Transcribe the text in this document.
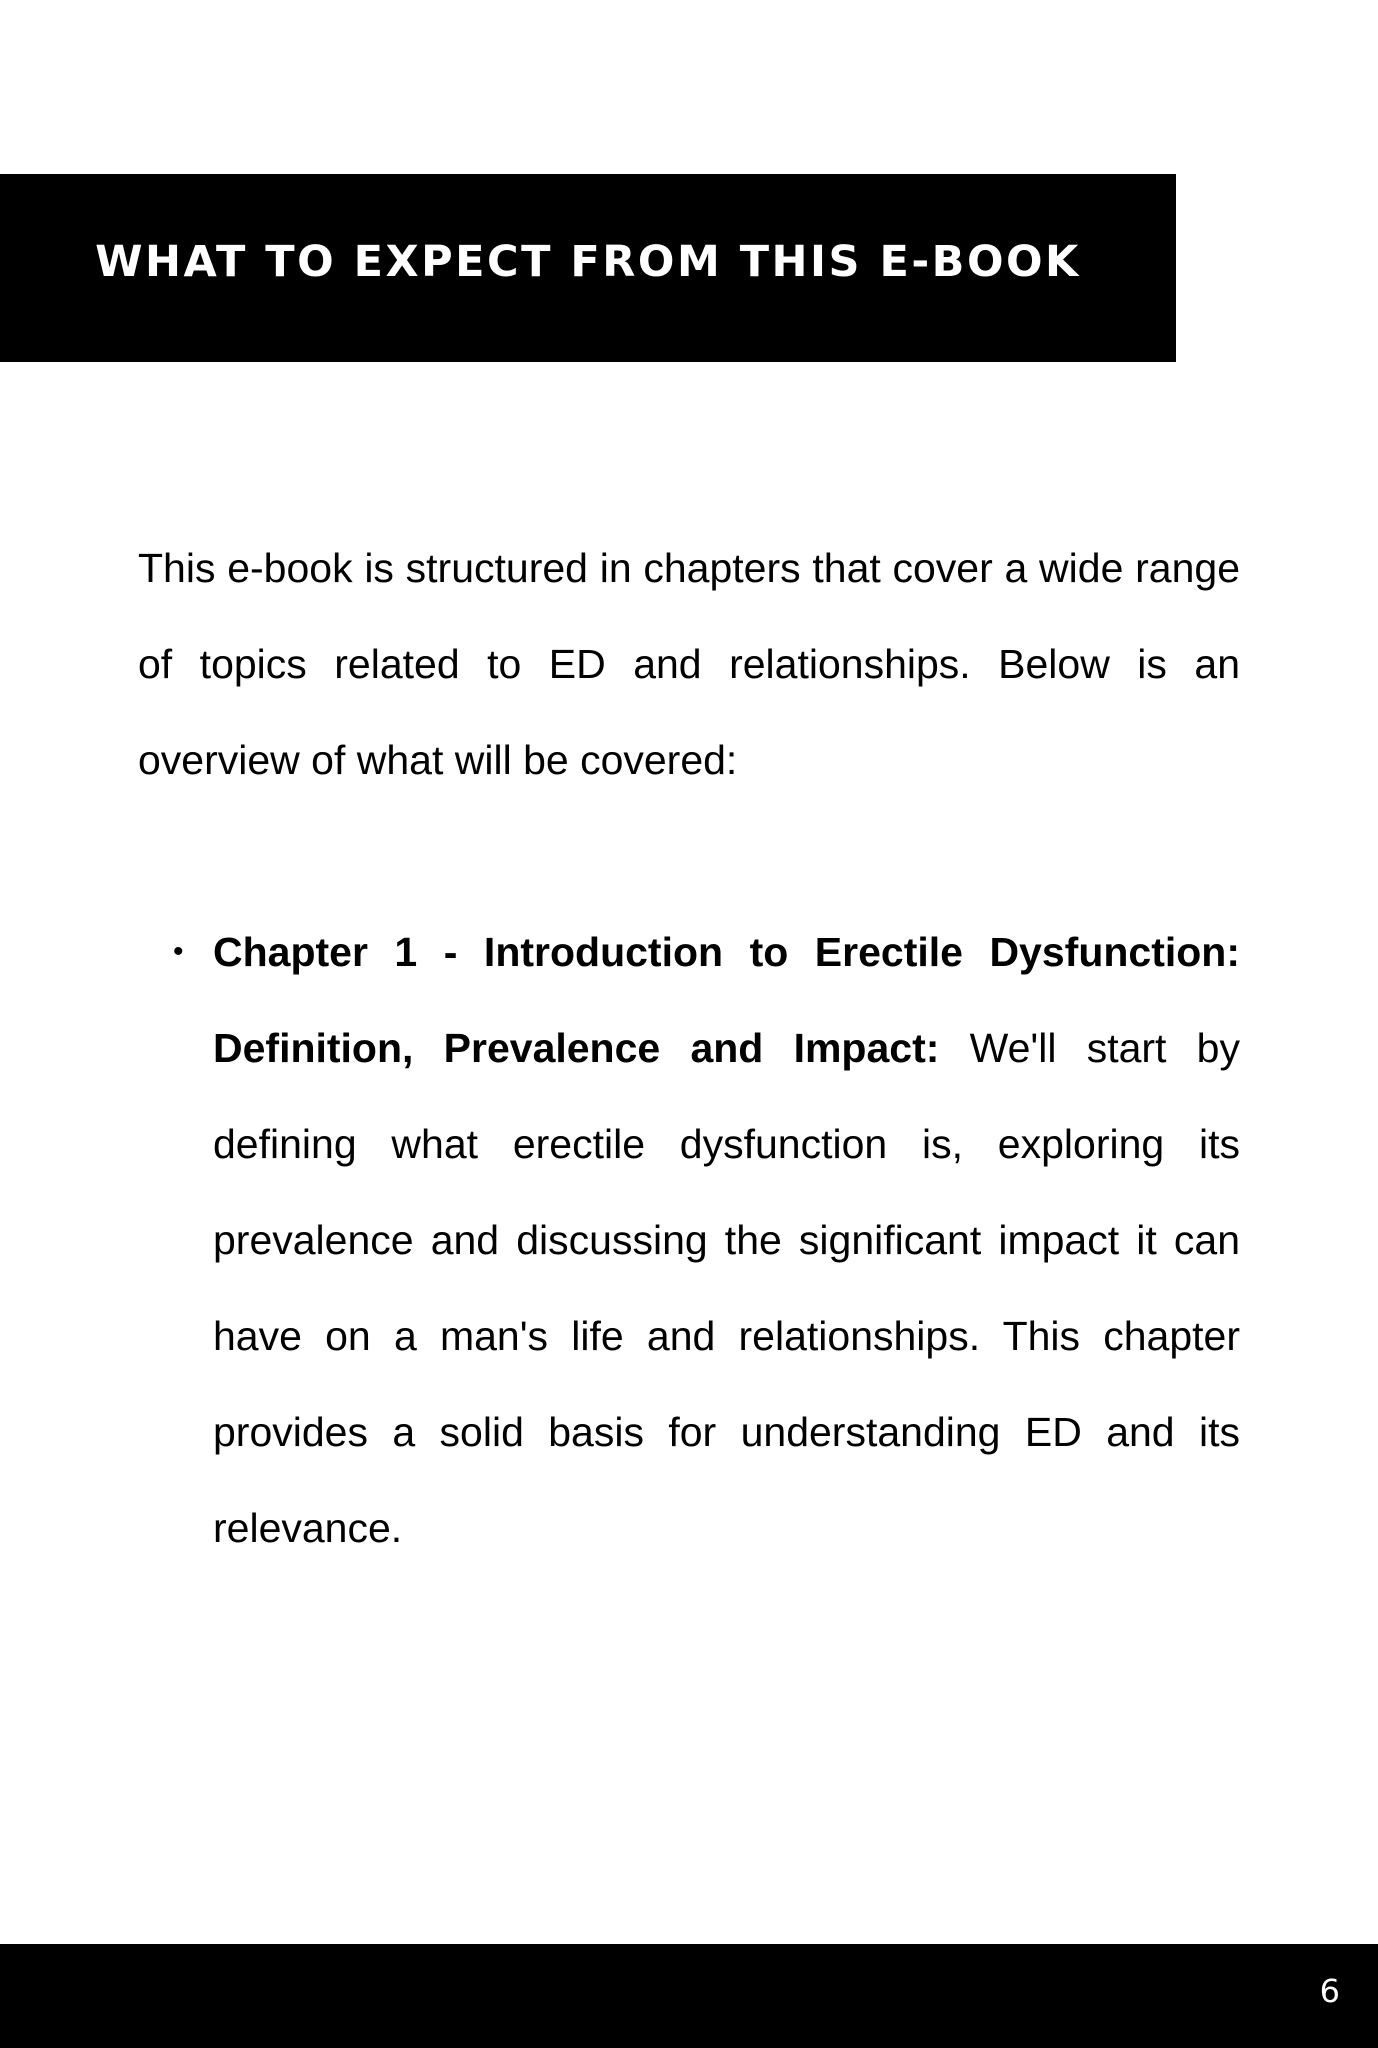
WHAT TO EXPECT FROM THIS E-BOOK

This e-book is structured in chapters that cover a wide range of topics related to ED and relationships. Below is an overview of what will be covered:

• Chapter 1 - Introduction to Erectile Dysfunction: Definition, Prevalence and Impact: We'll start by defining what erectile dysfunction is, exploring its prevalence and discussing the significant impact it can have on a man's life and relationships. This chapter provides a solid basis for understanding ED and its relevance.
6
